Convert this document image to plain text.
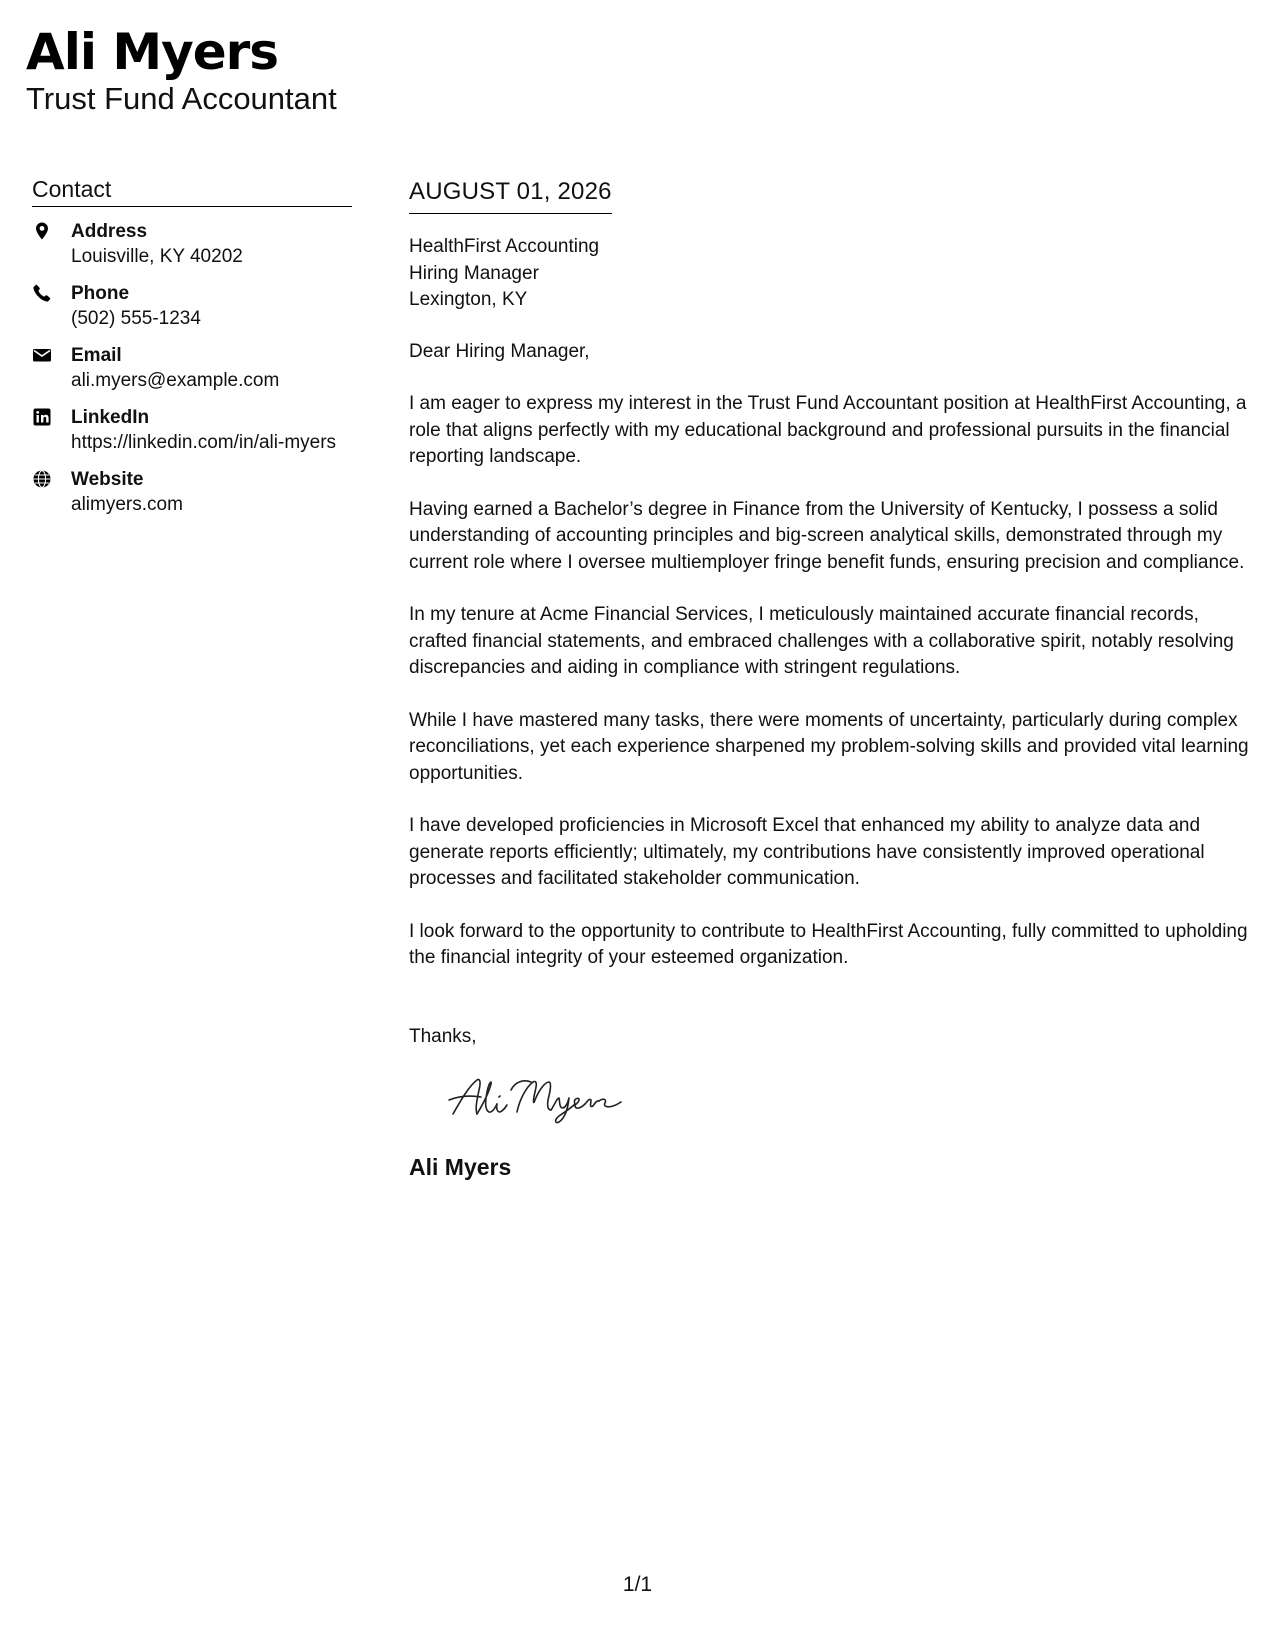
Ali Myers
Trust Fund Accountant
Contact
Address
Louisville, KY 40202
Phone
(502) 555-1234
Email
ali.myers@example.com
LinkedIn
https://linkedin.com/in/ali-myers
Website
alimyers.com
AUGUST 01, 2026
HealthFirst Accounting
Hiring Manager
Lexington, KY
Dear Hiring Manager,
I am eager to express my interest in the Trust Fund Accountant position at HealthFirst Accounting, a role that aligns perfectly with my educational background and professional pursuits in the financial reporting landscape.
Having earned a Bachelor’s degree in Finance from the University of Kentucky, I possess a solid understanding of accounting principles and big-screen analytical skills, demonstrated through my current role where I oversee multiemployer fringe benefit funds, ensuring precision and compliance.
In my tenure at Acme Financial Services, I meticulously maintained accurate financial records, crafted financial statements, and embraced challenges with a collaborative spirit, notably resolving discrepancies and aiding in compliance with stringent regulations.
While I have mastered many tasks, there were moments of uncertainty, particularly during complex reconciliations, yet each experience sharpened my problem-solving skills and provided vital learning opportunities.
I have developed proficiencies in Microsoft Excel that enhanced my ability to analyze data and generate reports efficiently; ultimately, my contributions have consistently improved operational processes and facilitated stakeholder communication.
I look forward to the opportunity to contribute to HealthFirst Accounting, fully committed to upholding the financial integrity of your esteemed organization.
Thanks,
Ali Myers
1/1
